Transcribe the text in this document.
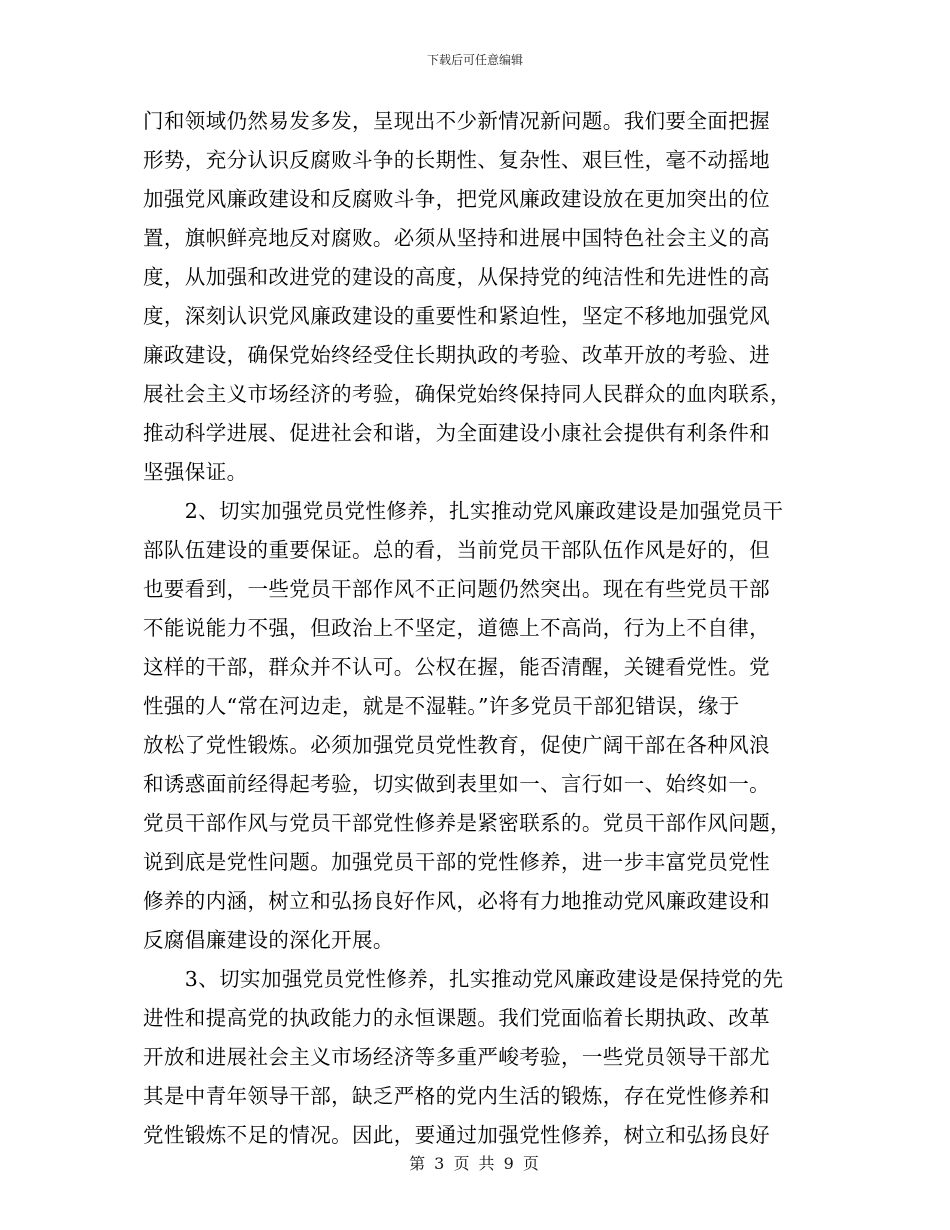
下载后可任意编辑
门和领域仍然易发多发，呈现出不少新情况新问题。我们要全面把握
形势，充分认识反腐败斗争的长期性、复杂性、艰巨性，毫不动摇地
加强党风廉政建设和反腐败斗争，把党风廉政建设放在更加突出的位
置，旗帜鲜亮地反对腐败。必须从坚持和进展中国特色社会主义的高
度，从加强和改进党的建设的高度，从保持党的纯洁性和先进性的高
度，深刻认识党风廉政建设的重要性和紧迫性，坚定不移地加强党风
廉政建设，确保党始终经受住长期执政的考验、改革开放的考验、进
展社会主义市场经济的考验，确保党始终保持同人民群众的血肉联系，
推动科学进展、促进社会和谐，为全面建设小康社会提供有利条件和
坚强保证。
　　2、切实加强党员党性修养，扎实推动党风廉政建设是加强党员干
部队伍建设的重要保证。总的看，当前党员干部队伍作风是好的，但
也要看到，一些党员干部作风不正问题仍然突出。现在有些党员干部
不能说能力不强，但政治上不坚定，道德上不高尚，行为上不自律，
这样的干部，群众并不认可。公权在握，能否清醒，关键看党性。党
性强的人“常在河边走，就是不湿鞋。”许多党员干部犯错误，缘于
放松了党性锻炼。必须加强党员党性教育，促使广阔干部在各种风浪
和诱惑面前经得起考验，切实做到表里如一、言行如一、始终如一。
党员干部作风与党员干部党性修养是紧密联系的。党员干部作风问题，
说到底是党性问题。加强党员干部的党性修养，进一步丰富党员党性
修养的内涵，树立和弘扬良好作风，必将有力地推动党风廉政建设和
反腐倡廉建设的深化开展。
　　3、切实加强党员党性修养，扎实推动党风廉政建设是保持党的先
进性和提高党的执政能力的永恒课题。我们党面临着长期执政、改革
开放和进展社会主义市场经济等多重严峻考验，一些党员领导干部尤
其是中青年领导干部，缺乏严格的党内生活的锻炼，存在党性修养和
党性锻炼不足的情况。因此，要通过加强党性修养，树立和弘扬良好
第 3 页 共 9 页
